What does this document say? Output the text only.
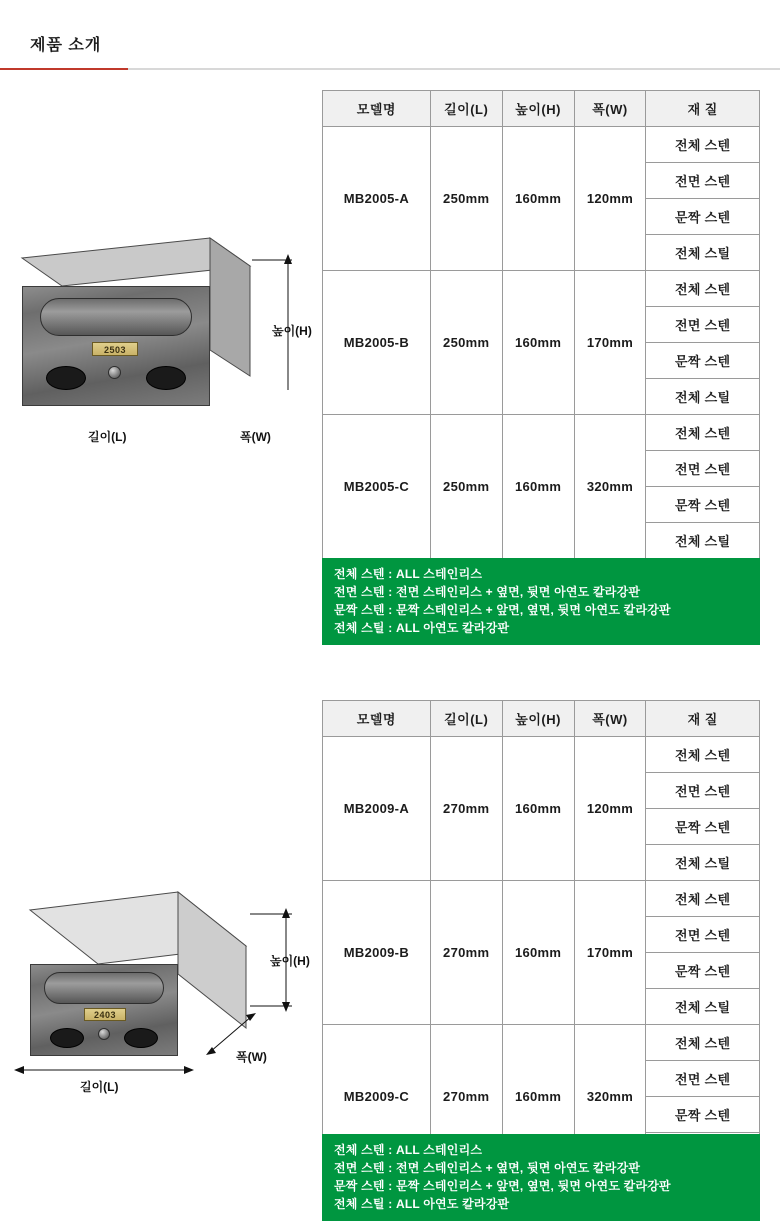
제품 소개
2503
높이(H)
길이(L)	폭(W)
모델명	길이(L)	높이(H)	폭(W)	재 질
MB2005-A	250mm	160mm	120mm	전체 스텐
				전면 스텐
				문짝 스텐
				전체 스틸
MB2005-B	250mm	160mm	170mm	전체 스텐
				전면 스텐
				문짝 스텐
				전체 스틸
MB2005-C	250mm	160mm	320mm	전체 스텐
				전면 스텐
				문짝 스텐
				전체 스틸
전체 스텐 : ALL 스테인리스
전면 스텐 : 전면 스테인리스 + 옆면, 뒷면 아연도 칼라강판
문짝 스텐 : 문짝 스테인리스 + 앞면, 옆면, 뒷면 아연도 칼라강판
전체 스틸 : ALL 아연도 칼라강판
2403
높이(H)
폭(W)
길이(L)
모델명	길이(L)	높이(H)	폭(W)	재 질
MB2009-A	270mm	160mm	120mm	전체 스텐
				전면 스텐
				문짝 스텐
				전체 스틸
MB2009-B	270mm	160mm	170mm	전체 스텐
				전면 스텐
				문짝 스텐
				전체 스틸
MB2009-C	270mm	160mm	320mm	전체 스텐
				전면 스텐
				문짝 스텐

전체 스텐 : ALL 스테인리스
전면 스텐 : 전면 스테인리스 + 옆면, 뒷면 아연도 칼라강판
문짝 스텐 : 문짝 스테인리스 + 앞면, 옆면, 뒷면 아연도 칼라강판
전체 스틸 : ALL 아연도 칼라강판
